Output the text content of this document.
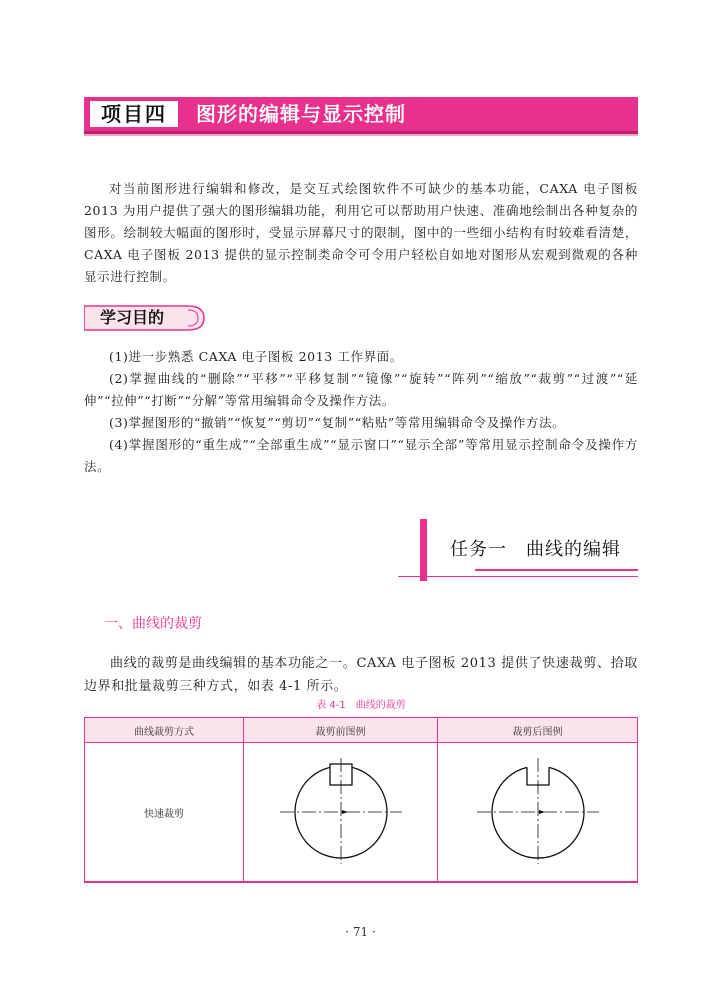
项目四	图形的编辑与显示控制

对当前图形进行编辑和修改，是交互式绘图软件不可缺少的基本功能，CAXA 电子图板 2013 为用户提供了强大的图形编辑功能，利用它可以帮助用户快速、准确地绘制出各种复杂的图形。绘制较大幅面的图形时，受显示屏幕尺寸的限制，图中的一些细小结构有时较难看清楚，CAXA 电子图板 2013 提供的显示控制类命令可令用户轻松自如地对图形从宏观到微观的各种显示进行控制。

学习目的

(1)进一步熟悉 CAXA 电子图板 2013 工作界面。

(2)掌握曲线的“删除”“平移”“平移复制”“镜像”“旋转”“阵列”“缩放”“裁剪”“过渡”“延伸”“拉伸”“打断”“分解”等常用编辑命令及操作方法。

(3)掌握图形的“撤销”“恢复”“剪切”“复制”“粘贴”等常用编辑命令及操作方法。

(4)掌握图形的“重生成”“全部重生成”“显示窗口”“显示全部”等常用显示控制命令及操作方法。

任务一　曲线的编辑
一、曲线的裁剪

曲线的裁剪是曲线编辑的基本功能之一。CAXA 电子图板 2013 提供了快速裁剪、拾取边界和批量裁剪三种方式，如表 4-1 所示。

表 4-1　曲线的裁剪
曲线裁剪方式	裁剪前图例	裁剪后图例
快速裁剪		
· 71 ·
